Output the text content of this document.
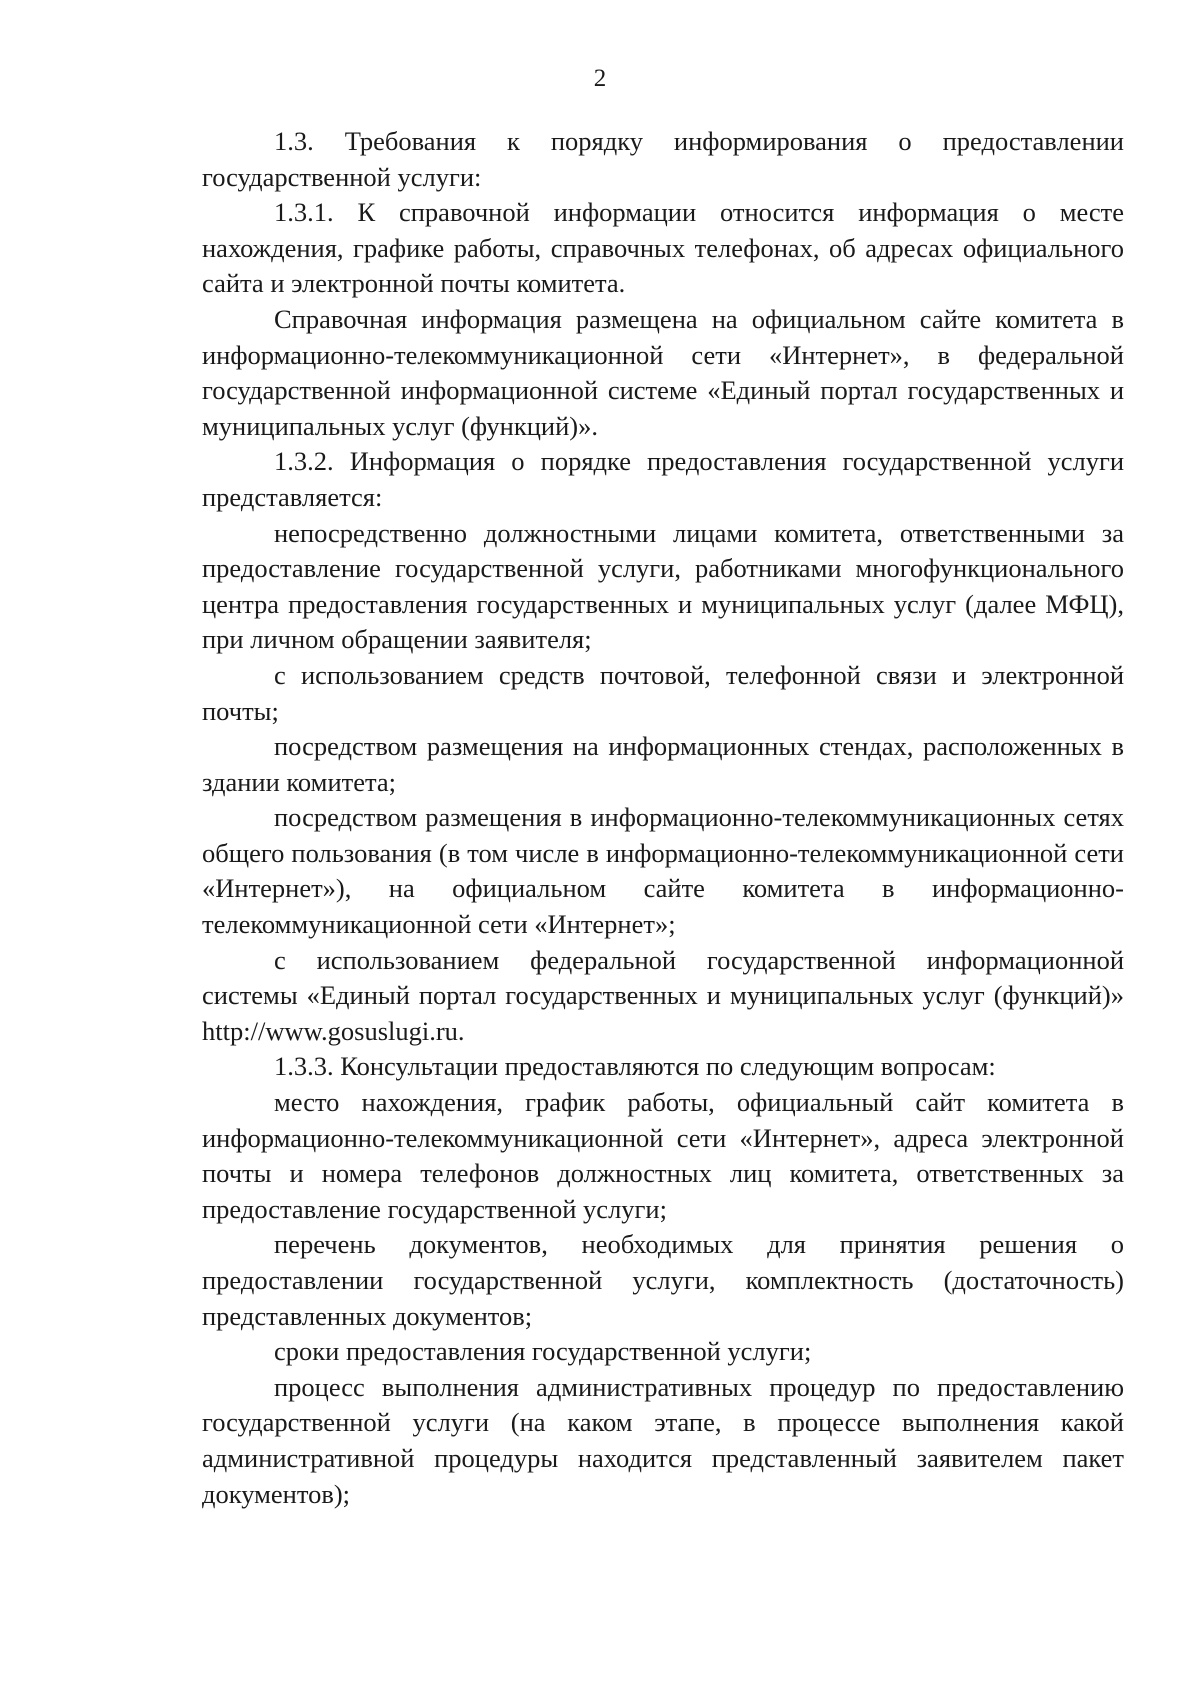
2

1.3. Требования к порядку информирования о предоставлении государственной услуги:

1.3.1. К справочной информации относится информация о месте нахождения, графике работы, справочных телефонах, об адресах официального сайта и электронной почты комитета.

Справочная информация размещена на официальном сайте комитета в информационно-телекоммуникационной сети «Интернет», в федеральной государственной информационной системе «Единый портал государственных и муниципальных услуг (функций)».

1.3.2. Информация о порядке предоставления государственной услуги представляется:

непосредственно должностными лицами комитета, ответственными за предоставление государственной услуги, работниками многофункционального центра предоставления государственных и муниципальных услуг (далее МФЦ), при личном обращении заявителя;

с использованием средств почтовой, телефонной связи и электронной почты;

посредством размещения на информационных стендах, расположенных в здании комитета;

посредством размещения в информационно-телекоммуникационных сетях общего пользования (в том числе в информационно-телекоммуникационной сети «Интернет»), на официальном сайте комитета в информационно-телекоммуникационной сети «Интернет»;

с использованием федеральной государственной информационной системы «Единый портал государственных и муниципальных услуг (функций)» http://www.gosuslugi.ru.

1.3.3. Консультации предоставляются по следующим вопросам:

место нахождения, график работы, официальный сайт комитета в информационно-телекоммуникационной сети «Интернет», адреса электронной почты и номера телефонов должностных лиц комитета, ответственных за предоставление государственной услуги;

перечень документов, необходимых для принятия решения о предоставлении государственной услуги, комплектность (достаточность) представленных документов;

сроки предоставления государственной услуги;

процесс выполнения административных процедур по предоставлению государственной услуги (на каком этапе, в процессе выполнения какой административной процедуры находится представленный заявителем пакет документов);
